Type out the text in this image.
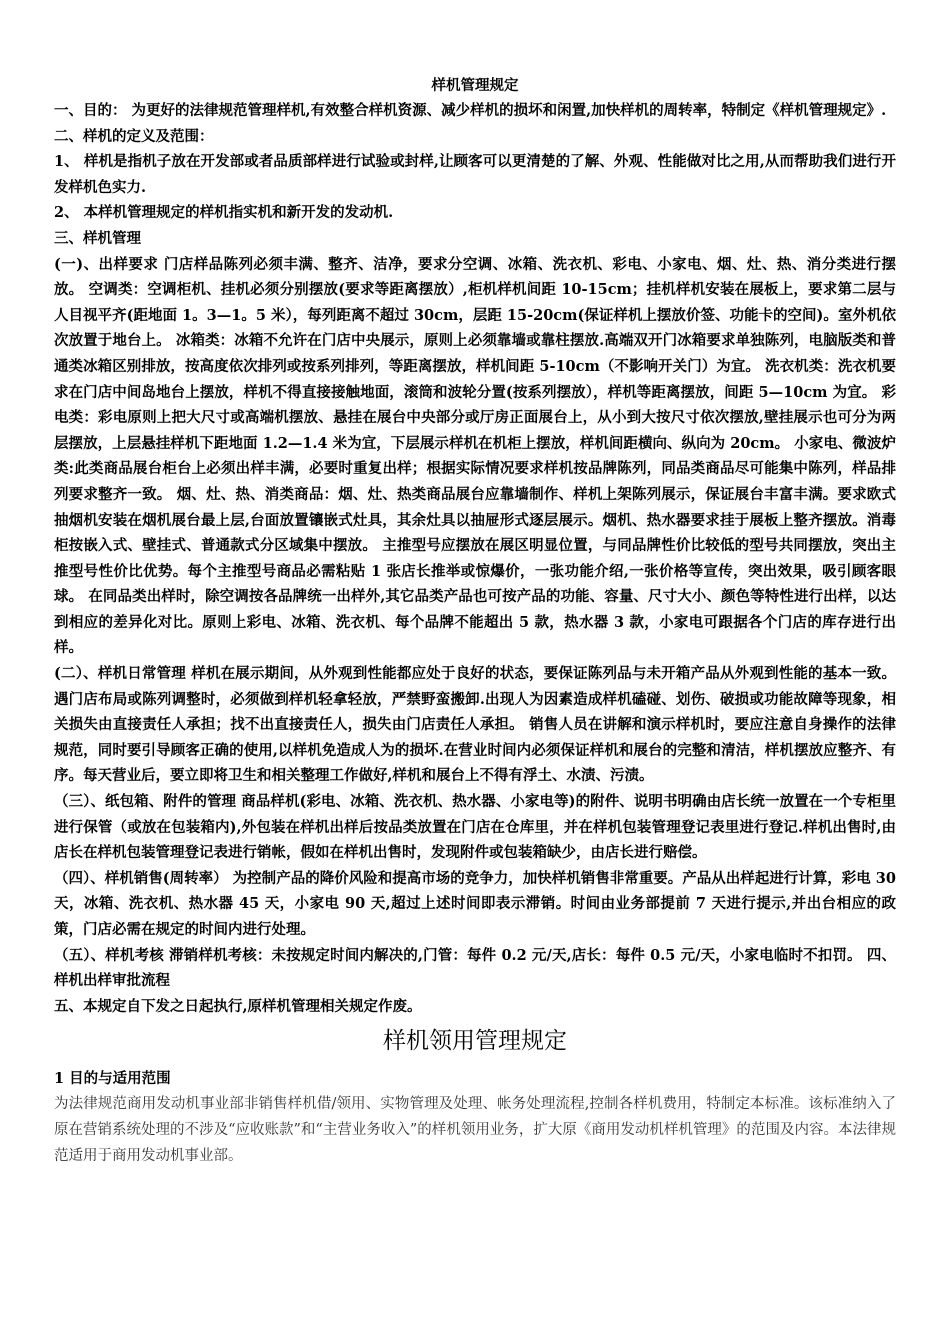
样机管理规定

一、目的： 为更好的法律规范管理样机,有效整合样机资源、减少样机的损坏和闲置,加快样机的周转率，特制定《样机管理规定》.

二、样机的定义及范围：

1、 样机是指机子放在开发部或者品质部样进行试验或封样,让顾客可以更清楚的了解、外观、性能做对比之用,从而帮助我们进行开发样机色实力.

2、 本样机管理规定的样机指实机和新开发的发动机.

三、样机管理

(一)、出样要求 门店样品陈列必须丰满、整齐、洁净，要求分空调、冰箱、洗衣机、彩电、小家电、烟、灶、热、消分类进行摆放。 空调类：空调柜机、挂机必须分别摆放(要求等距离摆放）,柜机样机间距 10-15cm；挂机样机安装在展板上，要求第二层与人目视平齐(距地面 1。3—1。5 米），每列距离不超过 30cm，层距 15-20cm(保证样机上摆放价签、功能卡的空间)。室外机依次放置于地台上。 冰箱类：冰箱不允许在门店中央展示，原则上必须靠墙或靠柱摆放.高端双开门冰箱要求单独陈列，电脑版类和普通类冰箱区别排放，按高度依次排列或按系列排列，等距离摆放，样机间距 5-10cm（不影响开关门）为宜。 洗衣机类：洗衣机要求在门店中间岛地台上摆放，样机不得直接接触地面，滚筒和波轮分置(按系列摆放），样机等距离摆放，间距 5—10cm 为宜。 彩电类：彩电原则上把大尺寸或高端机摆放、悬挂在展台中央部分或厅房正面展台上，从小到大按尺寸依次摆放,壁挂展示也可分为两层摆放，上层悬挂样机下距地面 1.2—1.4 米为宜，下层展示样机在机柜上摆放，样机间距横向、纵向为 20cm。 小家电、微波炉类:此类商品展台柜台上必须出样丰满，必要时重复出样；根据实际情况要求样机按品牌陈列，同品类商品尽可能集中陈列，样品排列要求整齐一致。 烟、灶、热、消类商品：烟、灶、热类商品展台应靠墙制作、样机上架陈列展示，保证展台丰富丰满。要求欧式抽烟机安装在烟机展台最上层,台面放置镶嵌式灶具，其余灶具以抽屉形式逐层展示。烟机、热水器要求挂于展板上整齐摆放。消毒柜按嵌入式、壁挂式、普通款式分区域集中摆放。 主推型号应摆放在展区明显位置，与同品牌性价比较低的型号共同摆放，突出主推型号性价比优势。每个主推型号商品必需粘贴 1 张店长推举或惊爆价，一张功能介绍,一张价格等宣传，突出效果，吸引顾客眼球。 在同品类出样时，除空调按各品牌统一出样外,其它品类产品也可按产品的功能、容量、尺寸大小、颜色等特性进行出样，以达到相应的差异化对比。原则上彩电、冰箱、洗衣机、每个品牌不能超出 5 款，热水器 3 款，小家电可跟据各个门店的库存进行出样。

(二）、样机日常管理 样机在展示期间，从外观到性能都应处于良好的状态，要保证陈列品与未开箱产品从外观到性能的基本一致。 遇门店布局或陈列调整时，必须做到样机轻拿轻放，严禁野蛮搬卸.出现人为因素造成样机磕碰、划伤、破损或功能故障等现象，相关损失由直接责任人承担；找不出直接责任人，损失由门店责任人承担。 销售人员在讲解和演示样机时，要应注意自身操作的法律规范，同时要引导顾客正确的使用,以样机免造成人为的损坏.在营业时间内必须保证样机和展台的完整和清洁，样机摆放应整齐、有序。每天营业后，要立即将卫生和相关整理工作做好,样机和展台上不得有浮土、水渍、污渍。

（三）、纸包箱、附件的管理 商品样机(彩电、冰箱、洗衣机、热水器、小家电等)的附件、说明书明确由店长统一放置在一个专柜里进行保管（或放在包装箱内),外包装在样机出样后按品类放置在门店在仓库里，并在样机包装管理登记表里进行登记.样机出售时,由店长在样机包装管理登记表进行销帐，假如在样机出售时，发现附件或包装箱缺少，由店长进行赔偿。

（四）、样机销售(周转率） 为控制产品的降价风险和提高市场的竞争力，加快样机销售非常重要。产品从出样起进行计算，彩电 30 天，冰箱、洗衣机、热水器 45 天，小家电 90 天,超过上述时间即表示滞销。时间由业务部提前 7 天进行提示,并出台相应的政策，门店必需在规定的时间内进行处理。

（五）、样机考核 滞销样机考核：未按规定时间内解决的,门管：每件 0.2 元/天,店长：每件 0.5 元/天，小家电临时不扣罚。 四、样机出样审批流程

五、本规定自下发之日起执行,原样机管理相关规定作废。

样机领用管理规定
1 目的与适用范围

为法律规范商用发动机事业部非销售样机借/领用、实物管理及处理、帐务处理流程,控制各样机费用，特制定本标准。该标准纳入了原在营销系统处理的不涉及“应收账款”和“主营业务收入”的样机领用业务，扩大原《商用发动机样机管理》的范围及内容。本法律规范适用于商用发动机事业部。
